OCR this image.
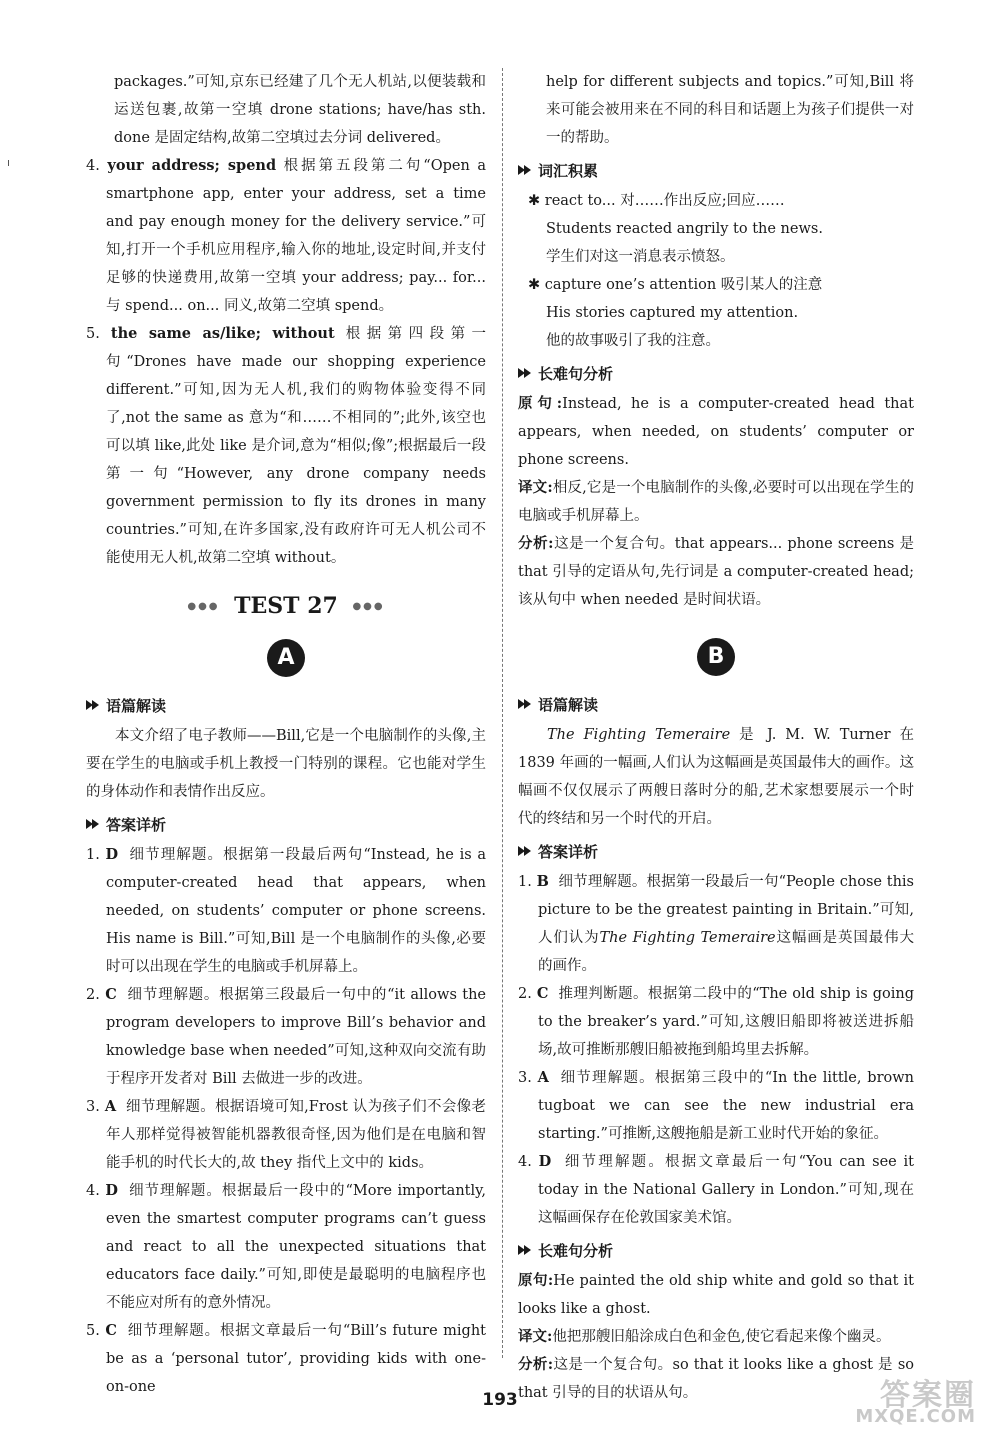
packages.”可知,京东已经建了几个无人机站,以便装载和运送包裹,故第一空填 drone stations; have/has sth. done 是固定结构,故第二空填过去分词 delivered。

4. your address; spend 根据第五段第二句“Open a smartphone app, enter your address, set a time and pay enough money for the delivery service.”可知,打开一个手机应用程序,输入你的地址,设定时间,并支付足够的快递费用,故第一空填 your address; pay... for... 与 spend... on... 同义,故第二空填 spend。

5. the same as/like; without 根据第四段第一句“Drones have made our shopping experience different.”可知,因为无人机,我们的购物体验变得不同了,not the same as 意为“和……不相同的”;此外,该空也可以填 like,此处 like 是介词,意为“相似;像”;根据最后一段第一句“However, any drone company needs government permission to fly its drones in many countries.”可知,在许多国家,没有政府许可无人机公司不能使用无人机,故第二空填 without。

●●● TEST 27 ●●●
A
语篇解读

本文介绍了电子教师——Bill,它是一个电脑制作的头像,主要在学生的电脑或手机上教授一门特别的课程。它也能对学生的身体动作和表情作出反应。

答案详析

1. D 细节理解题。根据第一段最后两句“Instead, he is a computer-created head that appears, when needed, on students’ computer or phone screens. His name is Bill.”可知,Bill 是一个电脑制作的头像,必要时可以出现在学生的电脑或手机屏幕上。

2. C 细节理解题。根据第三段最后一句中的“it allows the program developers to improve Bill’s behavior and knowledge base when needed”可知,这种双向交流有助于程序开发者对 Bill 去做进一步的改进。

3. A 细节理解题。根据语境可知,Frost 认为孩子们不会像老年人那样觉得被智能机器教很奇怪,因为他们是在电脑和智能手机的时代长大的,故 they 指代上文中的 kids。

4. D 细节理解题。根据最后一段中的“More importantly, even the smartest computer programs can’t guess and react to all the unexpected situations that educators face daily.”可知,即使是最聪明的电脑程序也不能应对所有的意外情况。

5. C 细节理解题。根据文章最后一句“Bill’s future might be as a ‘personal tutor’, providing kids with one-on-one

help for different subjects and topics.”可知,Bill 将来可能会被用来在不同的科目和话题上为孩子们提供一对一的帮助。

词汇积累

✱ react to... 对……作出反应;回应……

Students reacted angrily to the news.

学生们对这一消息表示愤怒。

✱ capture one’s attention 吸引某人的注意

His stories captured my attention.

他的故事吸引了我的注意。

长难句分析

原句:Instead, he is a computer-created head that appears, when needed, on students’ computer or phone screens.

译文:相反,它是一个电脑制作的头像,必要时可以出现在学生的电脑或手机屏幕上。

分析:这是一个复合句。that appears... phone screens 是 that 引导的定语从句,先行词是 a computer-created head;该从句中 when needed 是时间状语。

B
语篇解读

The Fighting Temeraire 是 J. M. W. Turner 在 1839 年画的一幅画,人们认为这幅画是英国最伟大的画作。这幅画不仅仅展示了两艘日落时分的船,艺术家想要展示一个时代的终结和另一个时代的开启。

答案详析

1. B 细节理解题。根据第一段最后一句“People chose this picture to be the greatest painting in Britain.”可知,人们认为The Fighting Temeraire这幅画是英国最伟大的画作。

2. C 推理判断题。根据第二段中的“The old ship is going to the breaker’s yard.”可知,这艘旧船即将被送进拆船场,故可推断那艘旧船被拖到船坞里去拆解。

3. A 细节理解题。根据第三段中的“In the little, brown tugboat we can see the new industrial era starting.”可推断,这艘拖船是新工业时代开始的象征。

4. D 细节理解题。根据文章最后一句“You can see it today in the National Gallery in London.”可知,现在这幅画保存在伦敦国家美术馆。

长难句分析

原句:He painted the old ship white and gold so that it looks like a ghost.

译文:他把那艘旧船涂成白色和金色,使它看起来像个幽灵。

分析:这是一个复合句。so that it looks like a ghost 是 so that 引导的目的状语从句。

193	答案圈
MXQE.COM
